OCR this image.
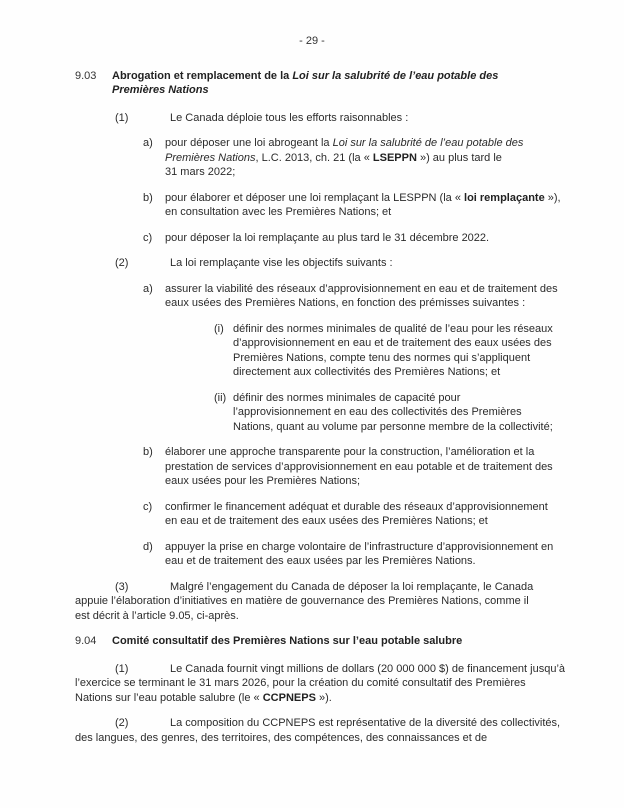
- 29 -
Abrogation et remplacement de la Loi sur la salubrité de l’eau potable des
Premières Nations
9.03
(1)	Le Canada déploie tous les efforts raisonnables :
pour déposer une loi abrogeant la Loi sur la salubrité de l’eau potable des
Premières Nations, L.C. 2013, ch. 21 (la « LSEPPN ») au plus tard le
31 mars 2022;
a)
pour élaborer et déposer une loi remplaçant la LESPPN (la « loi remplaçante »),
en consultation avec les Premières Nations; et
b)
pour déposer la loi remplaçante au plus tard le 31 décembre 2022.
c)
(2)	La loi remplaçante vise les objectifs suivants :
assurer la viabilité des réseaux d’approvisionnement en eau et de traitement des
eaux usées des Premières Nations, en fonction des prémisses suivantes :
a)
définir des normes minimales de qualité de l’eau pour les réseaux
d’approvisionnement en eau et de traitement des eaux usées des
Premières Nations, compte tenu des normes qui s’appliquent
directement aux collectivités des Premières Nations; et
(i)
définir des normes minimales de capacité pour
l’approvisionnement en eau des collectivités des Premières
Nations, quant au volume par personne membre de la collectivité;
(ii)
élaborer une approche transparente pour la construction, l’amélioration et la
prestation de services d’approvisionnement en eau potable et de traitement des
eaux usées pour les Premières Nations;
b)
confirmer le financement adéquat et durable des réseaux d’approvisionnement
en eau et de traitement des eaux usées des Premières Nations; et
c)
appuyer la prise en charge volontaire de l’infrastructure d’approvisionnement en
eau et de traitement des eaux usées par les Premières Nations.
d)
(3)	Malgré l’engagement du Canada de déposer la loi remplaçante, le Canada
appuie l’élaboration d’initiatives en matière de gouvernance des Premières Nations, comme il
est décrit à l’article 9.05, ci-après.
Comité consultatif des Premières Nations sur l’eau potable salubre
9.04
(1)	Le Canada fournit vingt millions de dollars (20 000 000 $) de financement jusqu’à
l’exercice se terminant le 31 mars 2026, pour la création du comité consultatif des Premières
Nations sur l’eau potable salubre (le « CCPNEPS »).
(2)	La composition du CCPNEPS est représentative de la diversité des collectivités,
des langues, des genres, des territoires, des compétences, des connaissances et de
